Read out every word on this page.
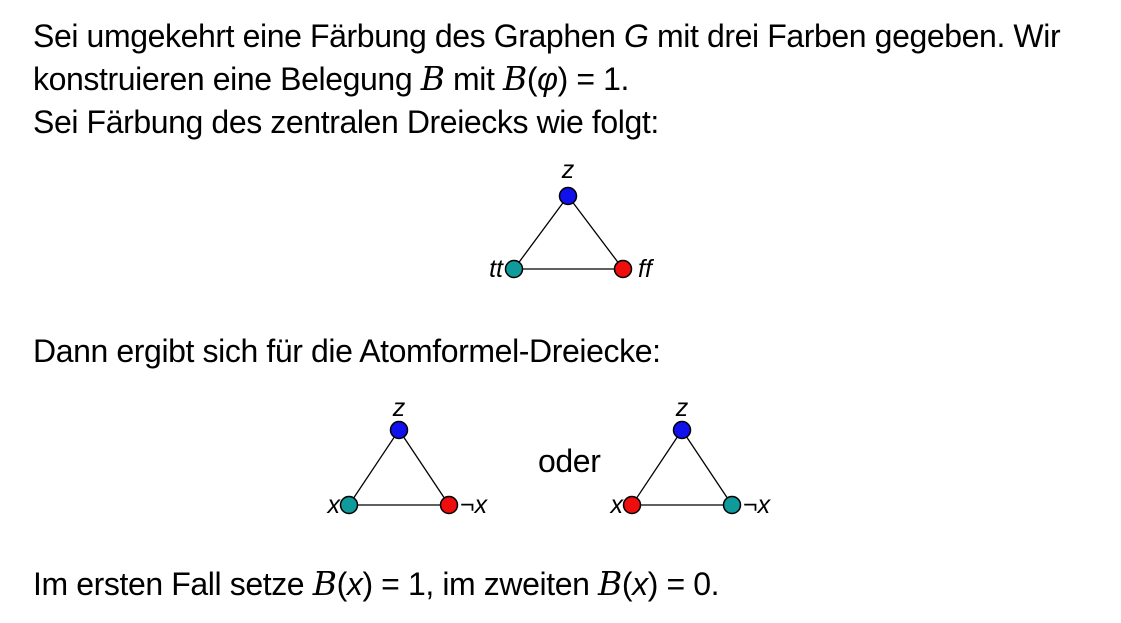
Sei umgekehrt eine Färbung des Graphen G mit drei Farben gegeben. Wir
konstruieren eine Belegung B mit B(φ) = 1.
Sei Färbung des zentralen Dreiecks wie folgt:
z
tt	ff
Dann ergibt sich für die Atomformel-Dreiecke:
z
x	¬x
oder
z
x	¬x
Im ersten Fall setze B(x) = 1, im zweiten B(x) = 0.
